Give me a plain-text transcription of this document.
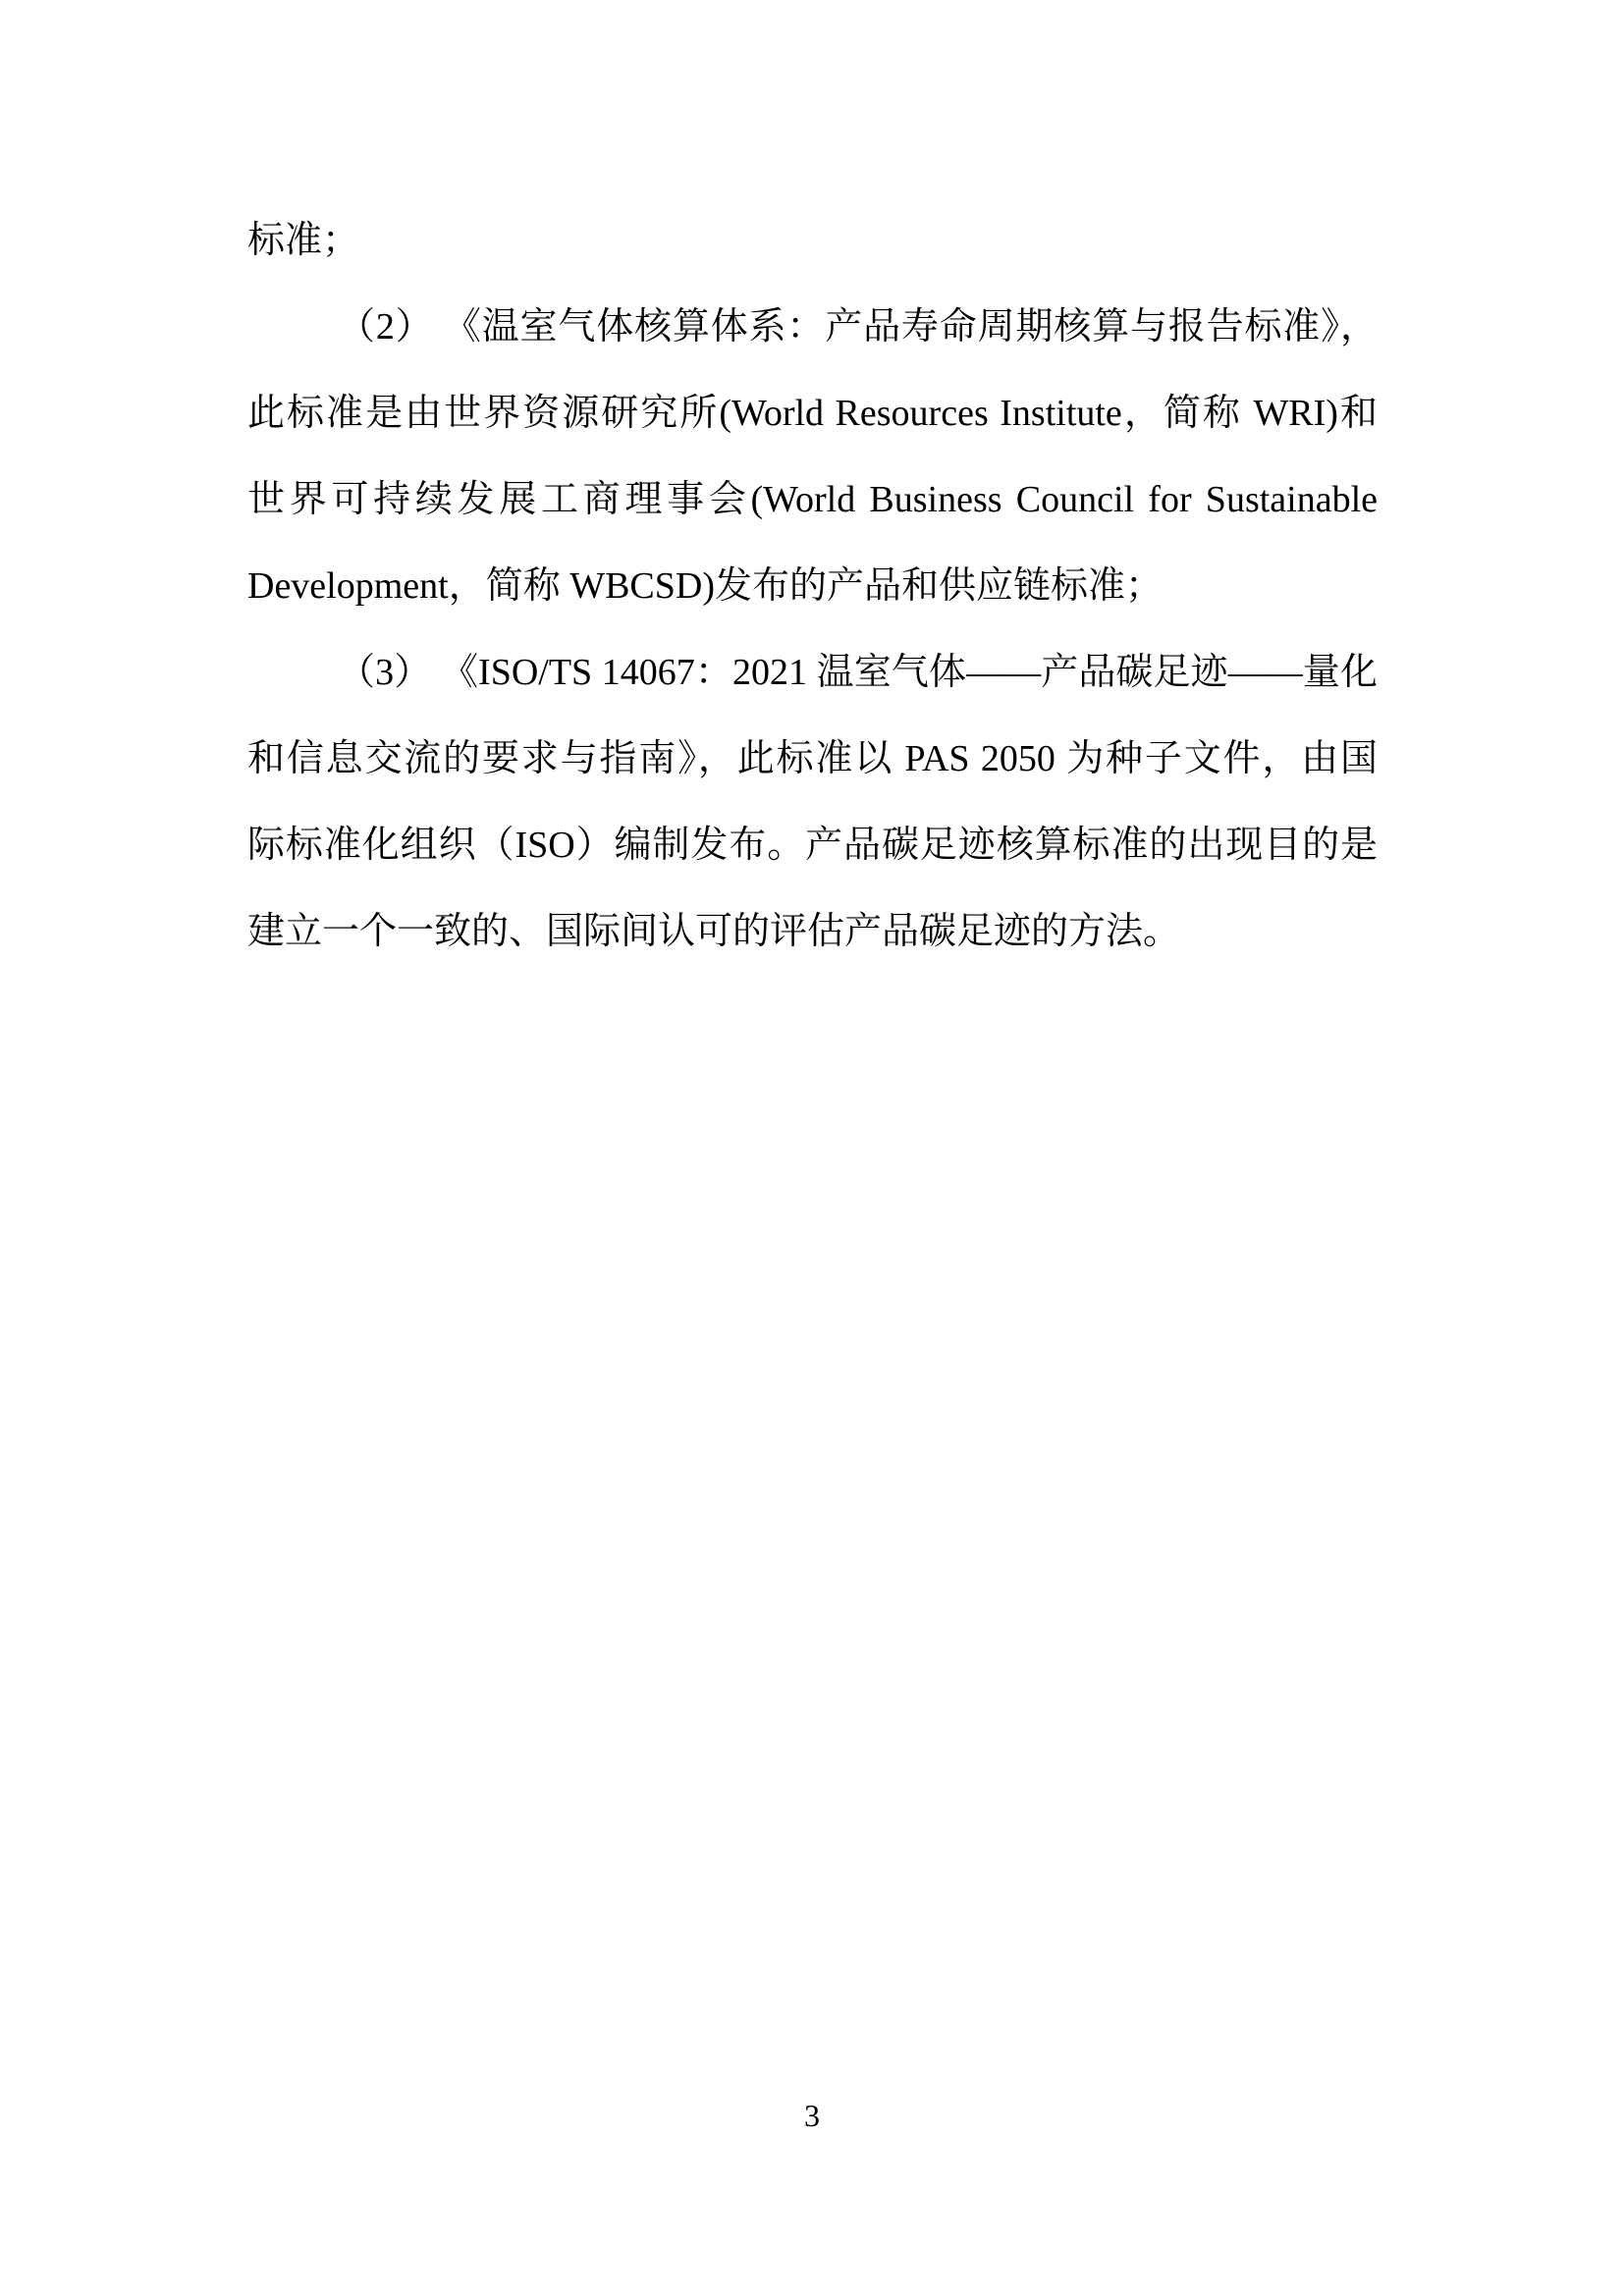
标准；
（2） 《温室气体核算体系：产品寿命周期核算与报告标准》，
此标准是由世界资源研究所(World Resources Institute，简称 WRI)和
世界可持续发展工商理事会(World Business Council for Sustainable
Development，简称 WBCSD)发布的产品和供应链标准；
（3） 《ISO/TS 14067：2021 温室气体——产品碳足迹——量化
和信息交流的要求与指南》，此标准以 PAS 2050 为种子文件，由国
际标准化组织（ISO）编制发布。产品碳足迹核算标准的出现目的是
建立一个一致的、国际间认可的评估产品碳足迹的方法。
3
